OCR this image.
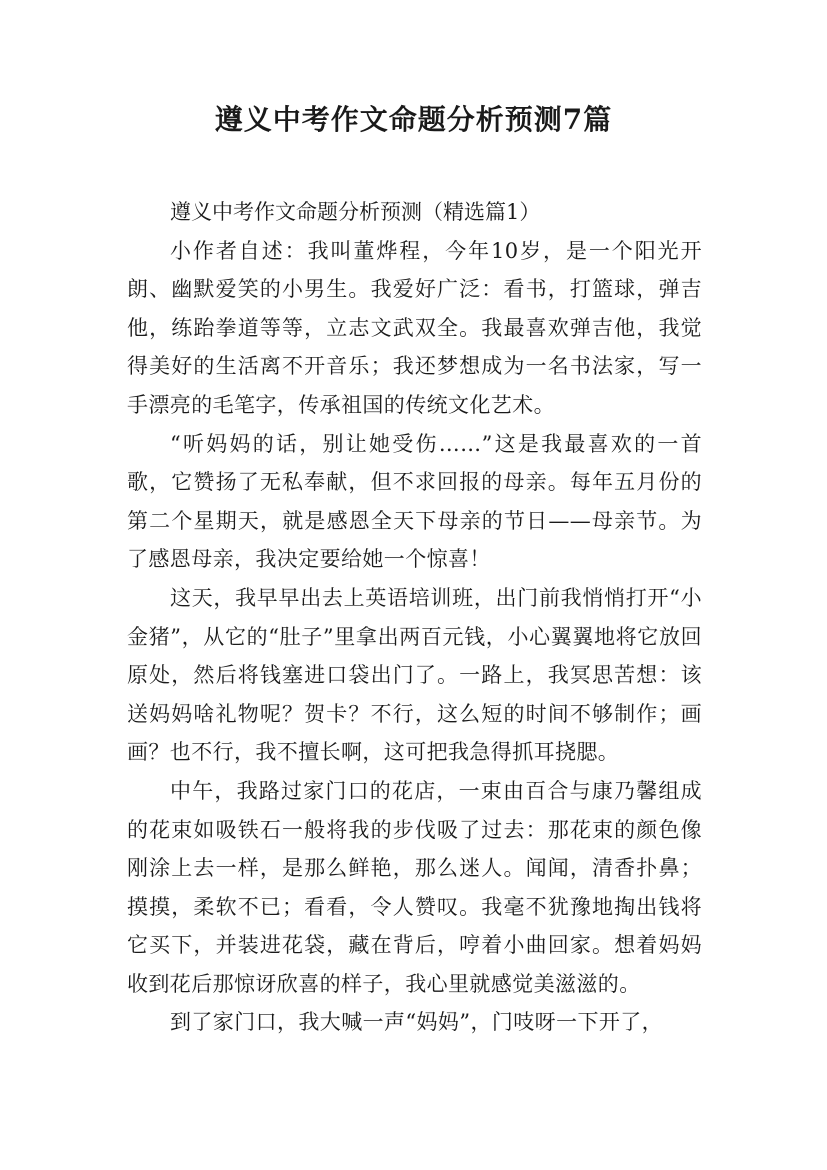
遵义中考作文命题分析预测7篇

遵义中考作文命题分析预测（精选篇1）

小作者自述：我叫董烨程，今年10岁，是一个阳光开朗、幽默爱笑的小男生。我爱好广泛：看书，打篮球，弹吉他，练跆拳道等等，立志文武双全。我最喜欢弹吉他，我觉得美好的生活离不开音乐；我还梦想成为一名书法家，写一手漂亮的毛笔字，传承祖国的传统文化艺术。

“听妈妈的话，别让她受伤……”这是我最喜欢的一首歌，它赞扬了无私奉献，但不求回报的母亲。每年五月份的第二个星期天，就是感恩全天下母亲的节日——母亲节。为了感恩母亲，我决定要给她一个惊喜！

这天，我早早出去上英语培训班，出门前我悄悄打开“小金猪”，从它的“肚子”里拿出两百元钱，小心翼翼地将它放回原处，然后将钱塞进口袋出门了。一路上，我冥思苦想：该送妈妈啥礼物呢？贺卡？不行，这么短的时间不够制作；画画？也不行，我不擅长啊，这可把我急得抓耳挠腮。

中午，我路过家门口的花店，一束由百合与康乃馨组成的花束如吸铁石一般将我的步伐吸了过去：那花束的颜色像刚涂上去一样，是那么鲜艳，那么迷人。闻闻，清香扑鼻；摸摸，柔软不已；看看，令人赞叹。我毫不犹豫地掏出钱将它买下，并装进花袋，藏在背后，哼着小曲回家。想着妈妈收到花后那惊讶欣喜的样子，我心里就感觉美滋滋的。

到了家门口，我大喊一声“妈妈”，门吱呀一下开了，
